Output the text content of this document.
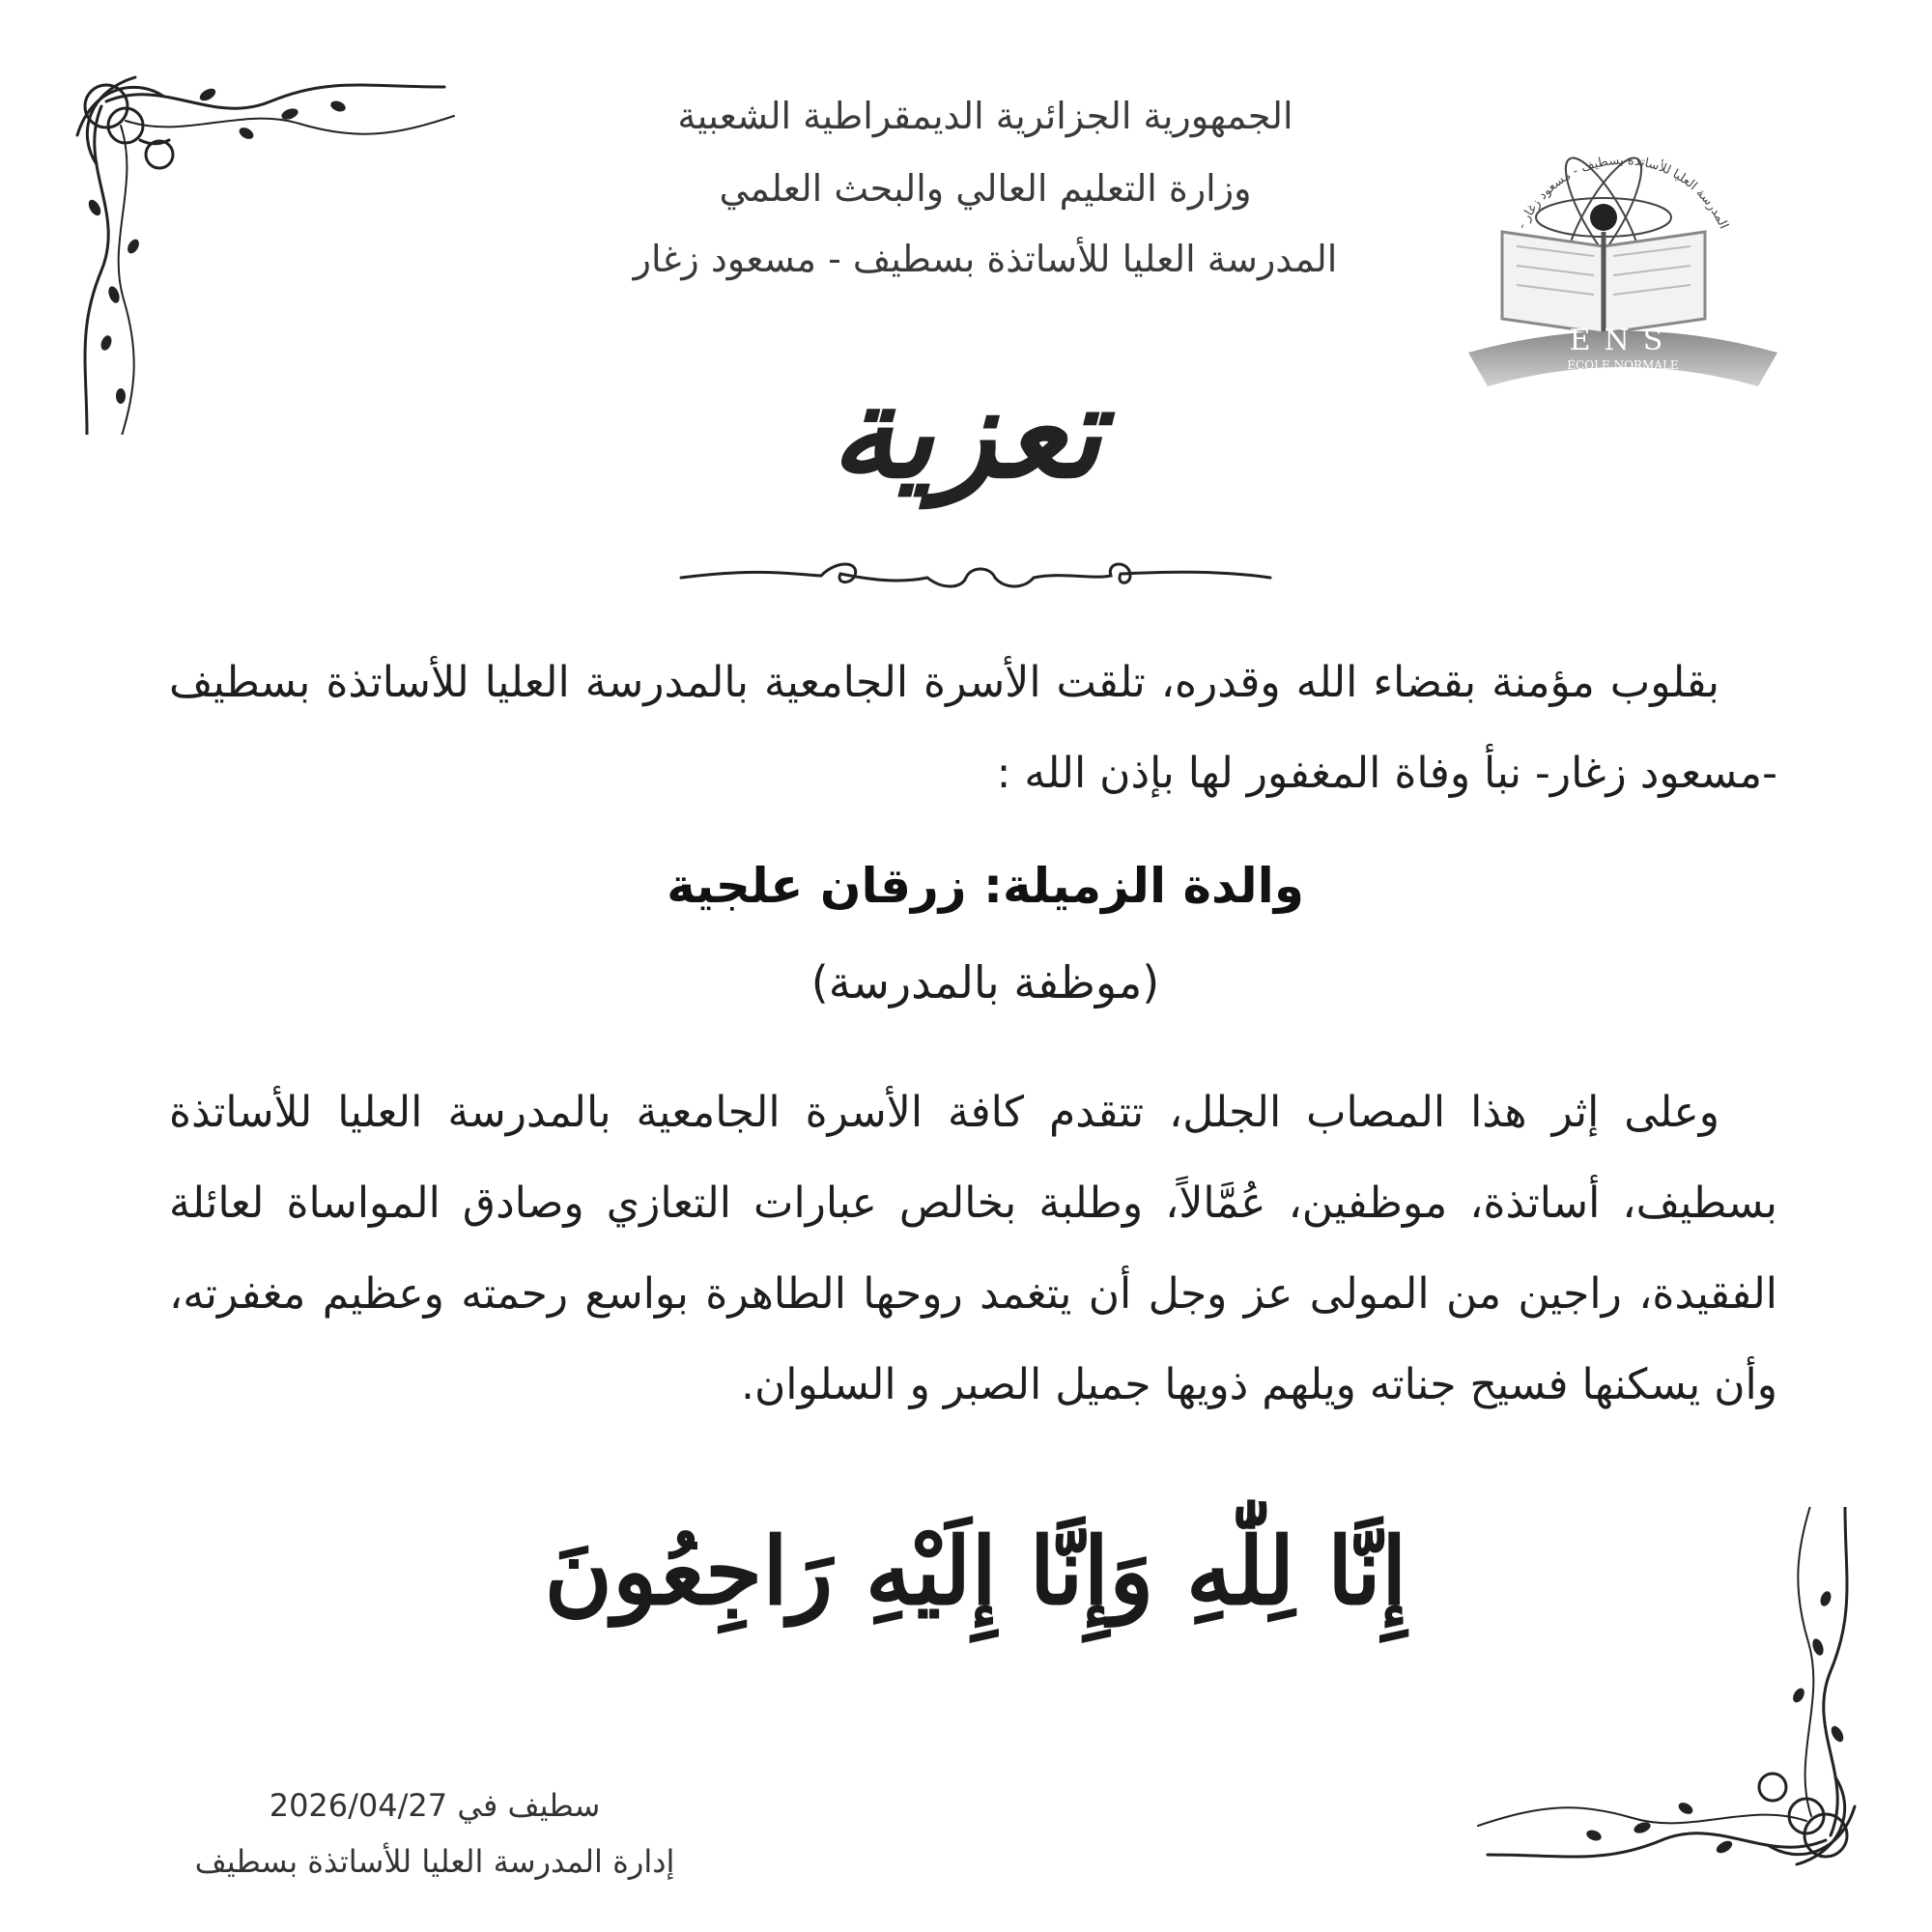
الجمهورية الجزائرية الديمقراطية الشعبية
وزارة التعليم العالي والبحث العلمي
المدرسة العليا للأساتذة بسطيف - مسعود زغار
المدرسة العليا للأساتذة بسطيف - مسعود زغار -
ENS
ÉCOLE NORMALE
SUPÉRIEURE - SETIF
تعزية

بقلوب مؤمنة بقضاء الله وقدره، تلقت الأسرة الجامعية بالمدرسة العليا للأساتذة بسطيف -مسعود زغار- نبأ وفاة المغفور لها بإذن الله :

والدة الزميلة: زرقان علجية
(موظفة بالمدرسة)

وعلى إثر هذا المصاب الجلل، تتقدم كافة الأسرة الجامعية بالمدرسة العليا للأساتذة بسطيف، أساتذة، موظفين، عُمَّالاً، وطلبة بخالص عبارات التعازي وصادق المواساة لعائلة الفقيدة، راجين من المولى عز وجل أن يتغمد روحها الطاهرة بواسع رحمته وعظيم مغفرته، وأن يسكنها فسيح جناته ويلهم ذويها جميل الصبر و السلوان.

إِنَّا لِلّٰهِ وَإِنَّا إِلَيْهِ رَاجِعُونَ
سطيف في 2026/04/27
إدارة المدرسة العليا للأساتذة بسطيف
